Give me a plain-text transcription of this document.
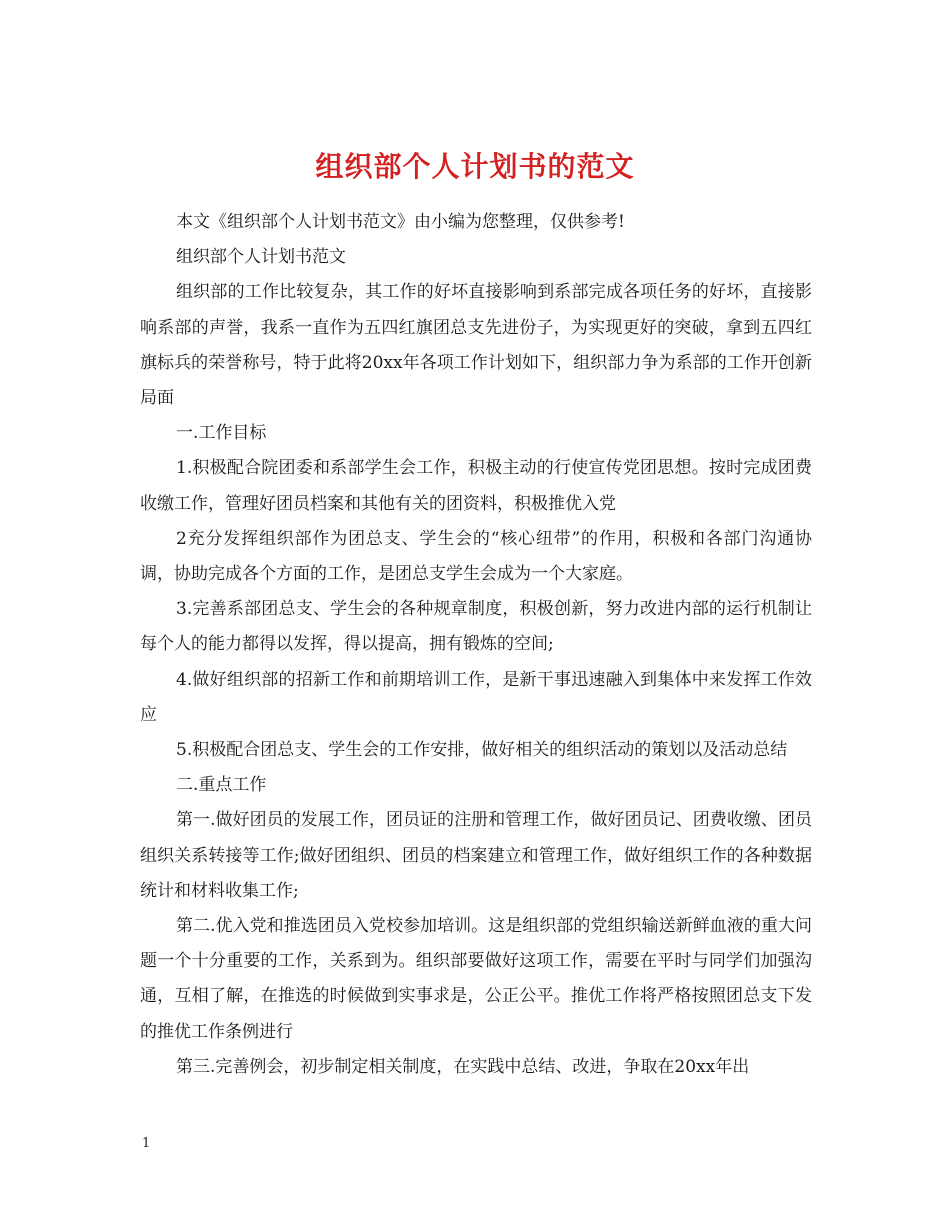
组织部个人计划书的范文

本文《组织部个人计划书范文》由小编为您整理，仅供参考!

组织部个人计划书范文

组织部的工作比较复杂，其工作的好坏直接影响到系部完成各项任务的好坏，直接影响系部的声誉，我系一直作为五四红旗团总支先进份子，为实现更好的突破，拿到五四红旗标兵的荣誉称号，特于此将20xx年各项工作计划如下，组织部力争为系部的工作开创新局面

一.工作目标

1.积极配合院团委和系部学生会工作，积极主动的行使宣传党团思想。按时完成团费收缴工作，管理好团员档案和其他有关的团资料，积极推优入党

2充分发挥组织部作为团总支、学生会的“核心纽带”的作用，积极和各部门沟通协调，协助完成各个方面的工作，是团总支学生会成为一个大家庭。

3.完善系部团总支、学生会的各种规章制度，积极创新，努力改进内部的运行机制让每个人的能力都得以发挥，得以提高，拥有锻炼的空间;

4.做好组织部的招新工作和前期培训工作，是新干事迅速融入到集体中来发挥工作效应

5.积极配合团总支、学生会的工作安排，做好相关的组织活动的策划以及活动总结

二.重点工作

第一.做好团员的发展工作，团员证的注册和管理工作，做好团员记、团费收缴、团员组织关系转接等工作;做好团组织、团员的档案建立和管理工作，做好组织工作的各种数据统计和材料收集工作;

第二.优入党和推选团员入党校参加培训。这是组织部的党组织输送新鲜血液的重大问题一个十分重要的工作，关系到为。组织部要做好这项工作，需要在平时与同学们加强沟通，互相了解，在推选的时候做到实事求是，公正公平。推优工作将严格按照团总支下发的推优工作条例进行

第三.完善例会，初步制定相关制度，在实践中总结、改进，争取在20xx年出

1
